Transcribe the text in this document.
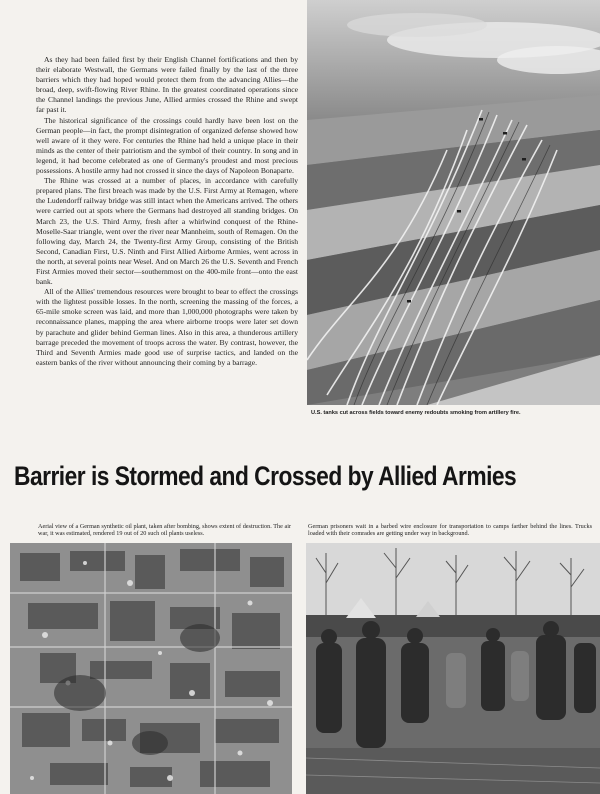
As they had been failed first by their English Channel fortifications and then by their elaborate Westwall, the Germans were failed finally by the last of the three barriers which they had hoped would protect them from the advancing Allies—the broad, deep, swift-flowing River Rhine. In the greatest coordinated operations since the Channel landings the previous June, Allied armies crossed the Rhine and swept far past it.

The historical significance of the crossings could hardly have been lost on the German people—in fact, the prompt disintegration of organized defense showed how well aware of it they were. For centuries the Rhine had held a unique place in their minds as the center of their patriotism and the symbol of their country. In song and in legend, it had become celebrated as one of Germany's proudest and most precious possessions. A hostile army had not crossed it since the days of Napoleon Bonaparte.

The Rhine was crossed at a number of places, in accordance with carefully prepared plans. The first breach was made by the U.S. First Army at Remagen, where the Ludendorff railway bridge was still intact when the Americans arrived. The others were carried out at spots where the Germans had destroyed all standing bridges. On March 23, the U.S. Third Army, fresh after a whirlwind conquest of the Rhine-Moselle-Saar triangle, went over the river near Mannheim, south of Remagen. On the following day, March 24, the Twenty-first Army Group, consisting of the British Second, Canadian First, U.S. Ninth and First Allied Airborne Armies, went across in the north, at several points near Wesel. And on March 26 the U.S. Seventh and French First Armies moved their sector—southernmost on the 400-mile front—onto the east bank.

All of the Allies' tremendous resources were brought to bear to effect the crossings with the lightest possible losses. In the north, screening the massing of the forces, a 65-mile smoke screen was laid, and more than 1,000,000 photographs were taken by reconnaissance planes, mapping the area where airborne troops were later set down by parachute and glider behind German lines. Also in this area, a thunderous artillery barrage preceded the movement of troops across the water. By contrast, however, the Third and Seventh Armies made good use of surprise tactics, and landed on the eastern banks of the river without announcing their coming by a barrage.

U.S. tanks cut across fields toward enemy redoubts smoking from artillery fire.
Barrier is Stormed and Crossed by Allied Armies
Aerial view of a German synthetic oil plant, taken after bombing, shows extent of destruction. The air war, it was estimated, rendered 19 out of 20 such oil plants useless.
German prisoners wait in a barbed wire enclosure for transportation to camps farther behind the lines. Trucks loaded with their comrades are getting under way in background.
